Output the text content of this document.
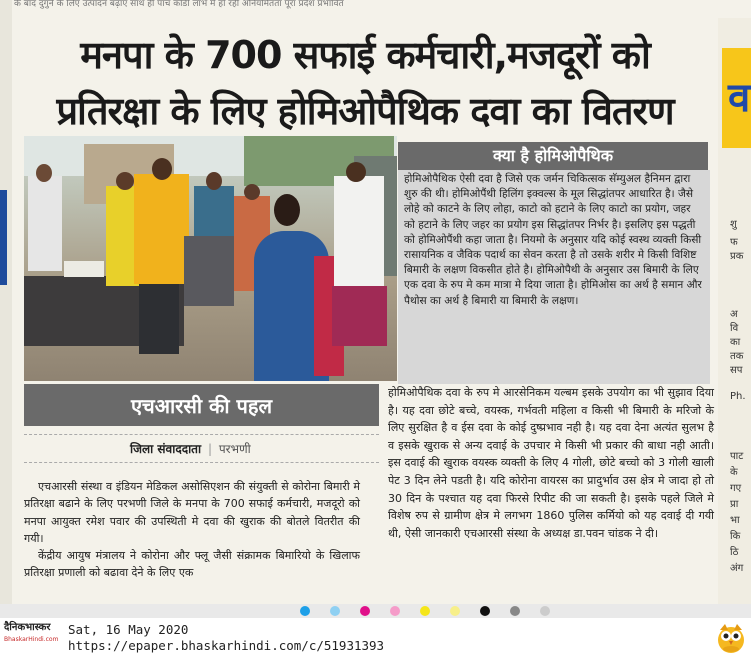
के बाद दुगुने के लिए उत्पादन बढ़ाएं साथ ही पांच कोडी लाभ में हो रही अनियमितता पूरा प्रदेश प्रभावित
मनपा के 700 सफाई कर्मचारी,मजदूरों को
प्रतिरक्षा के लिए होमिओपैथिक दवा का वितरण
क्या है होमिओपैथिक
होमिओपैथिक ऐसी दवा है जिसे एक जर्मन चिकित्सक सॅम्युअल हैनिमन द्वारा शुरु की थी। होमिओपैंथी हिलिंग इक्वल्स के मूल सिद्धांतपर आधारित है। जैसे लोहे को काटने के लिए लोहा, काटो को हटाने के लिए काटो का प्रयोग, जहर को हटाने के लिए जहर का प्रयोग इस सिद्धांतपर निर्भर है। इसलिए इस पद्धती को होमिओपैंथी कहा जाता है। नियमो के अनुसार यदि कोई स्वस्थ व्यक्ती किसी रासायनिक व जैविक पदार्थ का सेवन करता है तो उसके शरीर मे किसी विशिष्ट बिमारी के लक्षण विकसीत होते है। होमिओपैथी के अनुसार उस बिमारी के लिए एक दवा के रुप मे कम मात्रा मे दिया जाता है। होमिओस का अर्थ है समान और पैथोस का अर्थ है बिमारी या बिमारी के लक्षण।
एचआरसी की पहल
जिला संवाददाता | परभणी

एचआरसी संस्था व इंडियन मेडिकल असोसिएशन की संयुक्ती से कोरोना बिमारी मे प्रतिरक्षा बढाने के लिए परभणी जिले के मनपा के 700 सफाई कर्मचारी, मजदूरो को मनपा आयुक्त रमेश पवार की उपस्थिती मे दवा की खुराक की बोतले वितरीत की गयी।

केंद्रीय आयुष मंत्रालय ने कोरोना और फ्लू जैसी संक्रामक बिमारियो के खिलाफ प्रतिरक्षा प्रणाली को बढावा देने के लिए एक

होमिओपैथिक दवा के रुप मे आरसेनिकम यल्बम इसके उपयोग का भी सुझाव दिया है। यह दवा छोटे बच्चे, वयस्क, गर्भवती महिला व किसी भी बिमारी के मरिजो के लिए सुरक्षित है व ईस दवा के कोई दुष्प्रभाव नही है। यह दवा देना अत्यंत सुलभ है व इसके खुराक से अन्य दवाई के उपचार मे किसी भी प्रकार की बाधा नही आती। इस दवाई की खुराक वयस्क व्यक्ती के लिए 4 गोली, छोटे बच्चो को 3 गोली खाली पेट 3 दिन लेने पडती है। यदि कोरोना वायरस का प्रादुर्भाव उस क्षेत्र मे जादा हो तो 30 दिन के पश्चात यह दवा फिरसे रिपीट की जा सकती है। इसके पहले जिले मे विशेष रुप से ग्रामीण क्षेत्र मे लगभग 1860 पुलिस कर्मियो को यह दवाई दी गयी थी, ऐसी जानकारी एचआरसी संस्था के अध्यक्ष डा.पवन चांडक ने दी।
व
शु
फ
प्रक
अ
वि
का
तक
सप
Ph.
पाट
के
गए
प्रा
भा
कि
ठि
अंग
दैनिकभास्कर
BhaskarHindi.com
Sat, 16 May 2020
https://epaper.bhaskarhindi.com/c/51931393
